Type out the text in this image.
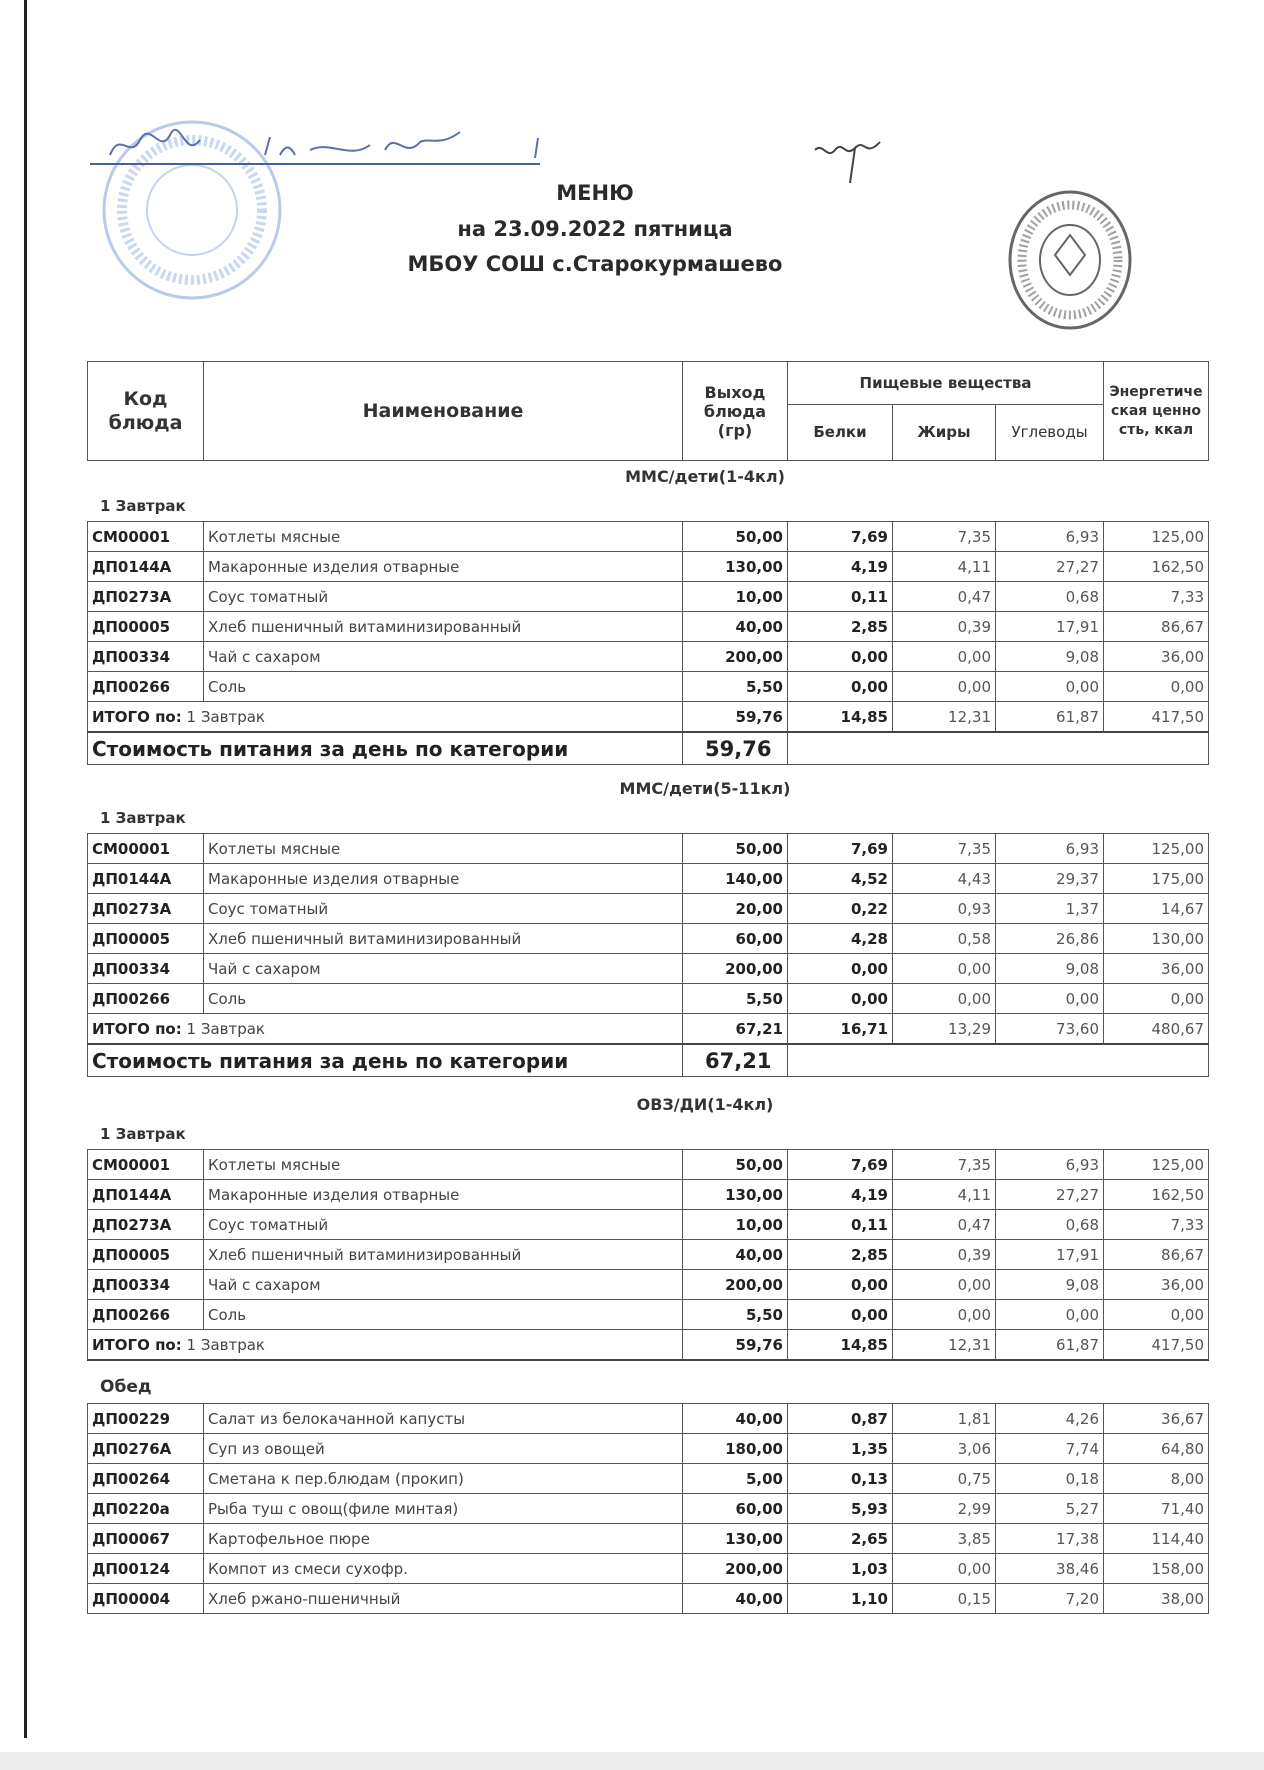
МЕНЮ
на 23.09.2022 пятница
МБОУ СОШ с.Старокурмашево
Код блюда	Наименование	Выход блюда (гр)	Пищевые вещества			Энергетическая ценность, ккал
			Белки	Жиры	Углеводы	
ММС/дети(1-4кл)
1 Завтрак
СМ00001	Котлеты мясные	50,00	7,69	7,35	6,93	125,00
ДП0144А	Макаронные изделия отварные	130,00	4,19	4,11	27,27	162,50
ДП0273А	Соус томатный	10,00	0,11	0,47	0,68	7,33
ДП00005	Хлеб пшеничный витаминизированный	40,00	2,85	0,39	17,91	86,67
ДП00334	Чай с сахаром	200,00	0,00	0,00	9,08	36,00
ДП00266	Соль	5,50	0,00	0,00	0,00	0,00
ИТОГО по: 1 Завтрак		59,76	14,85	12,31	61,87	417,50
Стоимость питания за день по категории		59,76				
ММС/дети(5-11кл)
1 Завтрак
СМ00001	Котлеты мясные	50,00	7,69	7,35	6,93	125,00
ДП0144А	Макаронные изделия отварные	140,00	4,52	4,43	29,37	175,00
ДП0273А	Соус томатный	20,00	0,22	0,93	1,37	14,67
ДП00005	Хлеб пшеничный витаминизированный	60,00	4,28	0,58	26,86	130,00
ДП00334	Чай с сахаром	200,00	0,00	0,00	9,08	36,00
ДП00266	Соль	5,50	0,00	0,00	0,00	0,00
ИТОГО по: 1 Завтрак		67,21	16,71	13,29	73,60	480,67
Стоимость питания за день по категории		67,21				
ОВЗ/ДИ(1-4кл)
1 Завтрак
СМ00001	Котлеты мясные	50,00	7,69	7,35	6,93	125,00
ДП0144А	Макаронные изделия отварные	130,00	4,19	4,11	27,27	162,50
ДП0273А	Соус томатный	10,00	0,11	0,47	0,68	7,33
ДП00005	Хлеб пшеничный витаминизированный	40,00	2,85	0,39	17,91	86,67
ДП00334	Чай с сахаром	200,00	0,00	0,00	9,08	36,00
ДП00266	Соль	5,50	0,00	0,00	0,00	0,00
ИТОГО по: 1 Завтрак		59,76	14,85	12,31	61,87	417,50
Обед
ДП00229	Салат из белокачанной капусты	40,00	0,87	1,81	4,26	36,67
ДП0276А	Суп из овощей	180,00	1,35	3,06	7,74	64,80
ДП00264	Сметана к пер.блюдам (прокип)	5,00	0,13	0,75	0,18	8,00
ДП0220а	Рыба туш с овощ(филе минтая)	60,00	5,93	2,99	5,27	71,40
ДП00067	Картофельное пюре	130,00	2,65	3,85	17,38	114,40
ДП00124	Компот из смеси сухофр.	200,00	1,03	0,00	38,46	158,00
ДП00004	Хлеб ржано-пшеничный	40,00	1,10	0,15	7,20	38,00
